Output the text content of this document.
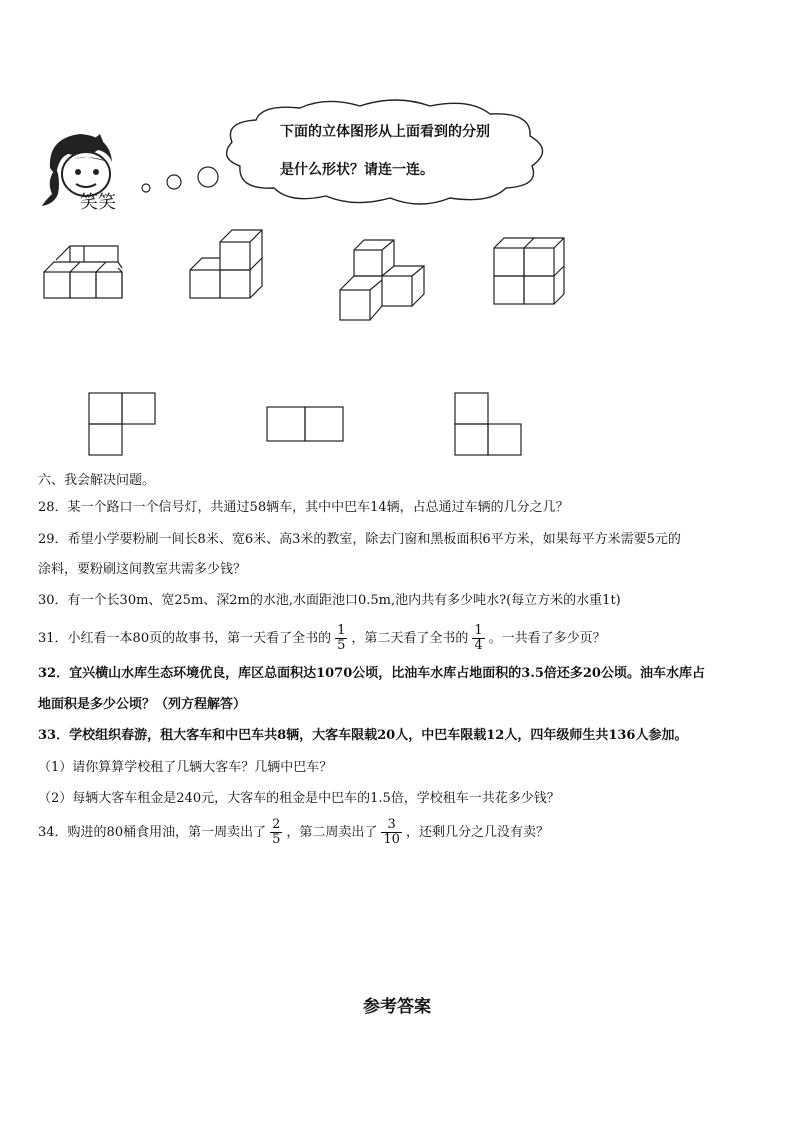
笑笑
下面的立体图形从上面看到的分别
是什么形状？请连一连。
六、我会解决问题。
28．某一个路口一个信号灯，共通过58辆车，其中中巴车14辆，占总通过车辆的几分之几？
29．希望小学要粉刷一间长8米、宽6米、高3米的教室，除去门窗和黑板面积6平方米，如果每平方米需要5元的
涂料，要粉刷这间教室共需多少钱？
30．有一个长30m、宽25m、深2m的水池,水面距池口0.5m,池内共有多少吨水?(每立方米的水重1t)
31．小红看一本80页的故事书，第一天看了全书的 $\frac{1}{5}$ ，第二天看了全书的 $\frac{1}{4}$ 。一共看了多少页？
32．宜兴横山水库生态环境优良，库区总面积达1070公顷，比油车水库占地面积的3.5倍还多20公顷。油车水库占
地面积是多少公顷？（列方程解答）
33．学校组织春游，租大客车和中巴车共8辆，大客车限载20人，中巴车限载12人，四年级师生共136人参加。
（1）请你算算学校租了几辆大客车？几辆中巴车？
（2）每辆大客车租金是240元，大客车的租金是中巴车的1.5倍，学校租车一共花多少钱？
34．购进的80桶食用油，第一周卖出了 $\frac{2}{5}$ ，第二周卖出了 $\frac{3}{10}$ ，还剩几分之几没有卖？
参考答案
